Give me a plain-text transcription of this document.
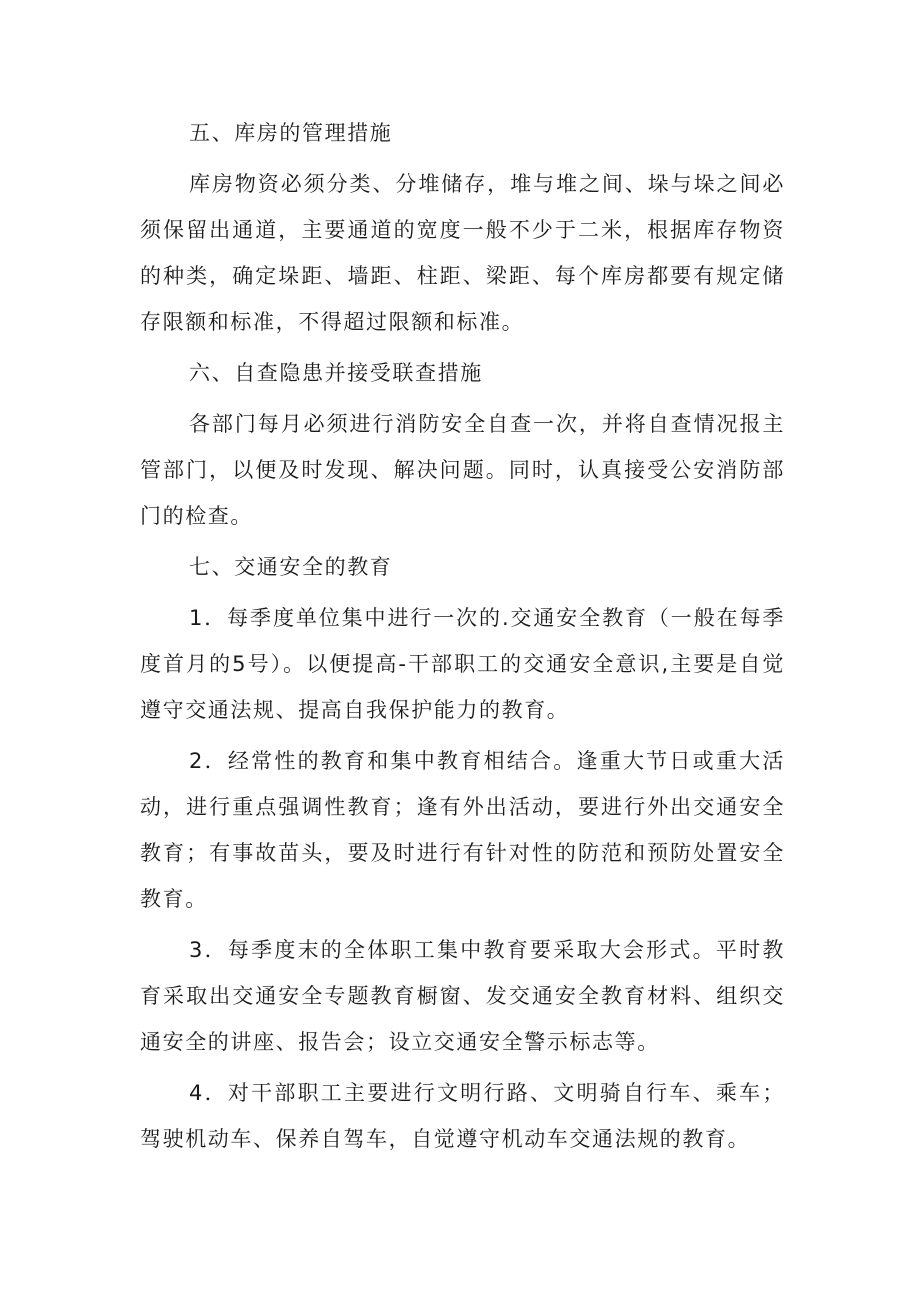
五、库房的管理措施

库房物资必须分类、分堆储存，堆与堆之间、垛与垛之间必须保留出通道，主要通道的宽度一般不少于二米，根据库存物资的种类，确定垛距、墙距、柱距、梁距、每个库房都要有规定储存限额和标准，不得超过限额和标准。

六、自查隐患并接受联查措施

各部门每月必须进行消防安全自查一次，并将自查情况报主管部门，以便及时发现、解决问题。同时，认真接受公安消防部门的检查。

七、交通安全的教育

1．每季度单位集中进行一次的.交通安全教育（一般在每季度首月的5号）。以便提高-干部职工的交通安全意识,主要是自觉遵守交通法规、提高自我保护能力的教育。

2．经常性的教育和集中教育相结合。逢重大节日或重大活动，进行重点强调性教育；逢有外出活动，要进行外出交通安全教育；有事故苗头，要及时进行有针对性的防范和预防处置安全教育。

3．每季度末的全体职工集中教育要采取大会形式。平时教育采取出交通安全专题教育橱窗、发交通安全教育材料、组织交通安全的讲座、报告会；设立交通安全警示标志等。

4．对干部职工主要进行文明行路、文明骑自行车、乘车；驾驶机动车、保养自驾车，自觉遵守机动车交通法规的教育。
